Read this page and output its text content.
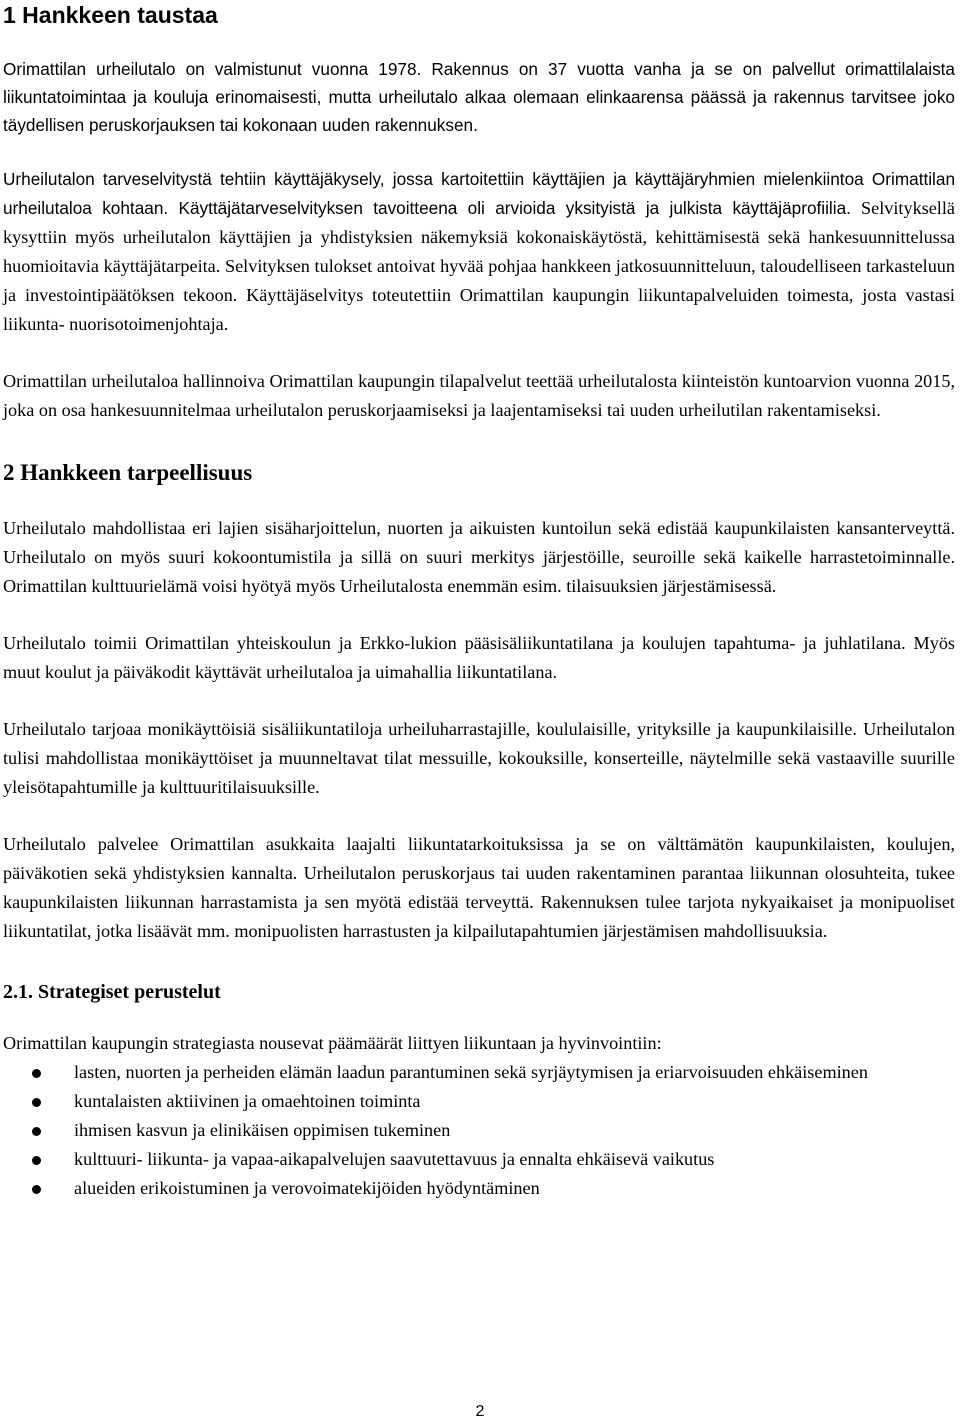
1 Hankkeen taustaa

Orimattilan urheilutalo on valmistunut vuonna 1978. Rakennus on 37 vuotta vanha ja se on palvellut orimattilalaista liikuntatoimintaa ja kouluja erinomaisesti, mutta urheilutalo alkaa olemaan elinkaarensa päässä ja rakennus tarvitsee joko täydellisen peruskorjauksen tai kokonaan uuden rakennuksen.

Urheilutalon tarveselvitystä tehtiin käyttäjäkysely, jossa kartoitettiin käyttäjien ja käyttäjäryhmien mielenkiintoa Orimattilan urheilutaloa kohtaan. Käyttäjätarveselvityksen tavoitteena oli arvioida yksityistä ja julkista käyttäjäprofiilia. Selvityksellä kysyttiin myös urheilutalon käyttäjien ja yhdistyksien näkemyksiä kokonaiskäytöstä, kehittämisestä sekä hankesuunnittelussa huomioitavia käyttäjätarpeita. Selvityksen tulokset antoivat hyvää pohjaa hankkeen jatkosuunnitteluun, taloudelliseen tarkasteluun ja investointipäätöksen tekoon. Käyttäjäselvitys toteutettiin Orimattilan kaupungin liikuntapalveluiden toimesta, josta vastasi liikunta- nuorisotoimenjohtaja.

Orimattilan urheilutaloa hallinnoiva Orimattilan kaupungin tilapalvelut teettää urheilutalosta kiinteistön kuntoarvion vuonna 2015, joka on osa hankesuunnitelmaa urheilutalon peruskorjaamiseksi ja laajentamiseksi tai uuden urheilutilan rakentamiseksi.

2 Hankkeen tarpeellisuus

Urheilutalo mahdollistaa eri lajien sisäharjoittelun, nuorten ja aikuisten kuntoilun sekä edistää kaupunkilaisten kansanterveyttä. Urheilutalo on myös suuri kokoontumistila ja sillä on suuri merkitys järjestöille, seuroille sekä kaikelle harrastetoiminnalle. Orimattilan kulttuurielämä voisi hyötyä myös Urheilutalosta enemmän esim. tilaisuuksien järjestämisessä.

Urheilutalo toimii Orimattilan yhteiskoulun ja Erkko-lukion pääsisäliikuntatilana ja koulujen tapahtuma- ja juhlatilana. Myös muut koulut ja päiväkodit käyttävät urheilutaloa ja uimahallia liikuntatilana.

Urheilutalo tarjoaa monikäyttöisiä sisäliikuntatiloja urheiluharrastajille, koululaisille, yrityksille ja kaupunkilaisille. Urheilutalon tulisi mahdollistaa monikäyttöiset ja muunneltavat tilat messuille, kokouksille, konserteille, näytelmille sekä vastaaville suurille yleisötapahtumille ja kulttuuritilaisuuksille.

Urheilutalo palvelee Orimattilan asukkaita laajalti liikuntatarkoituksissa ja se on välttämätön kaupunkilaisten, koulujen, päiväkotien sekä yhdistyksien kannalta. Urheilutalon peruskorjaus tai uuden rakentaminen parantaa liikunnan olosuhteita, tukee kaupunkilaisten liikunnan harrastamista ja sen myötä edistää terveyttä. Rakennuksen tulee tarjota nykyaikaiset ja monipuoliset liikuntatilat, jotka lisäävät mm. monipuolisten harrastusten ja kilpailutapahtumien järjestämisen mahdollisuuksia.

2.1. Strategiset perustelut

Orimattilan kaupungin strategiasta nousevat päämäärät liittyen liikuntaan ja hyvinvointiin:

lasten, nuorten ja perheiden elämän laadun parantuminen sekä syrjäytymisen ja eriarvoisuuden ehkäiseminen
kuntalaisten aktiivinen ja omaehtoinen toiminta
ihmisen kasvun ja elinikäisen oppimisen tukeminen
kulttuuri- liikunta- ja vapaa-aikapalvelujen saavutettavuus ja ennalta ehkäisevä vaikutus
alueiden erikoistuminen ja verovoimatekijöiden hyödyntäminen
2
